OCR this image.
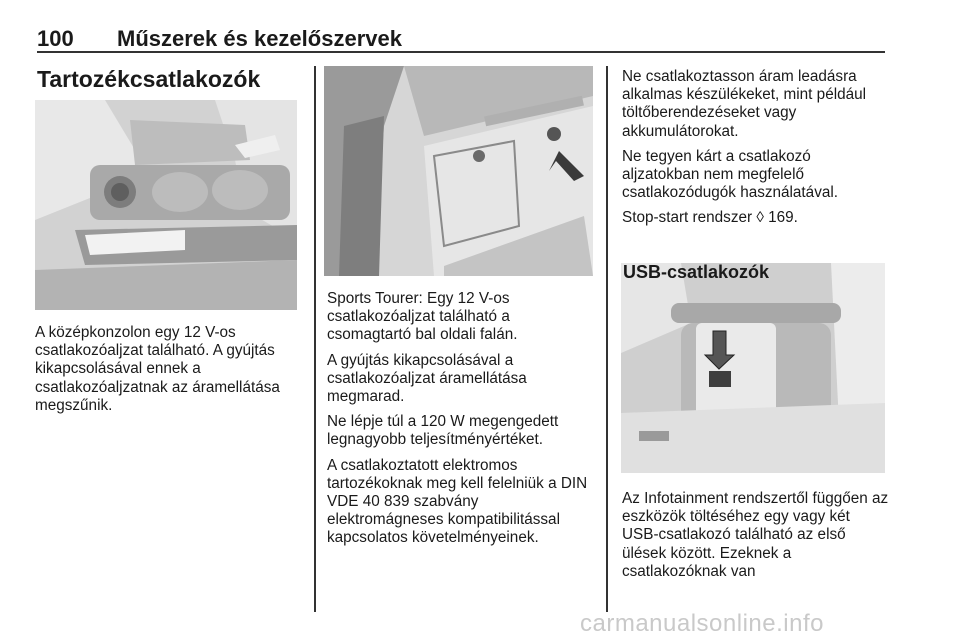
100 Műszerek és kezelőszervek
Tartozékcsatlakozók

A középkonzolon egy 12 V-os csatlakozóaljzat található. A gyújtás kikapcsolásával ennek a csatlakozóaljzatnak az áramellátása megszűnik.

Sports Tourer: Egy 12 V-os csatlakozóaljzat található a csomagtartó bal oldali falán.

A gyújtás kikapcsolásával a csatlakozóaljzat áramellátása megmarad.

Ne lépje túl a 120 W megengedett legnagyobb teljesítményértéket.

A csatlakoztatott elektromos tartozékoknak meg kell felelniük a DIN VDE 40 839 szabvány elektromágneses kompatibilitással kapcsolatos követelményeinek.

Ne csatlakoztasson áram leadásra alkalmas készülékeket, mint például töltőberendezéseket vagy akkumulátorokat.

Ne tegyen kárt a csatlakozó aljzatokban nem megfelelő csatlakozódugók használatával.

Stop-start rendszer ◊ 169.

USB-csatlakozók

Az Infotainment rendszertől függően az eszközök töltéséhez egy vagy két USB-csatlakozó található az első ülések között. Ezeknek a csatlakozóknak van

carmanualsonline.info
